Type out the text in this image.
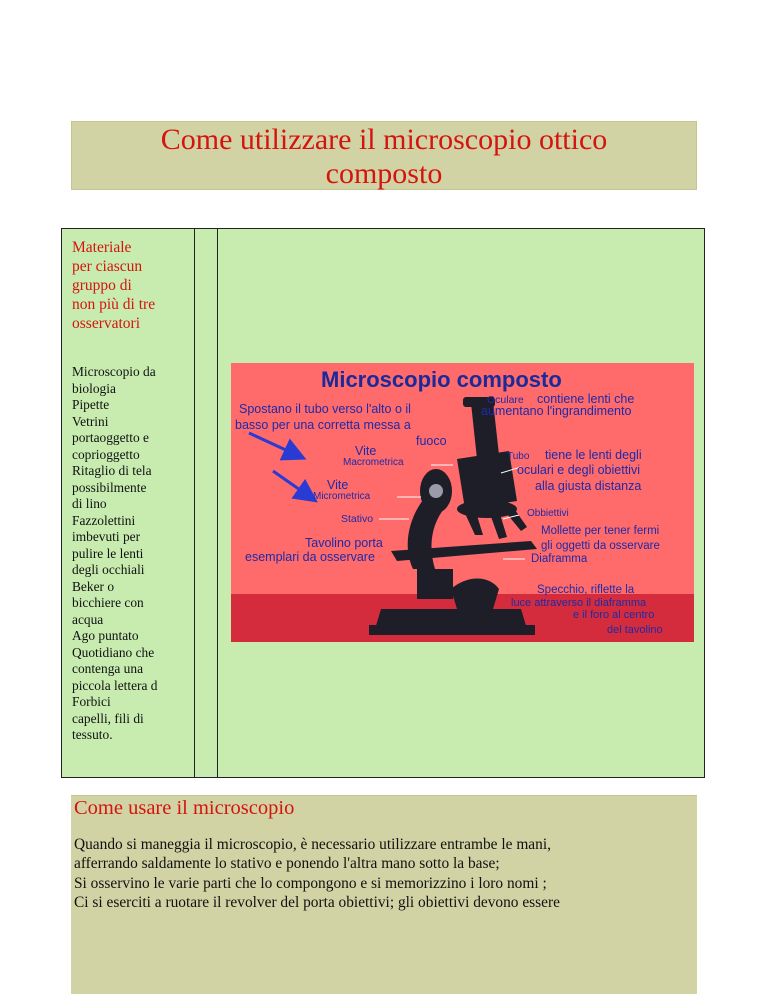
Come utilizzare il microscopio ottico
composto
Materiale
per ciascun
gruppo di
non più di tre
osservatori
Microscopio da
biologia
Pipette
Vetrini
portaoggetto e
coprioggetto
Ritaglio di tela
possibilmente
di lino
Fazzolettini
imbevuti per
pulire le lenti
degli occhiali
Beker o
bicchiere con
acqua
Ago puntato
Quotidiano che
contenga una
piccola lettera d
Forbici
capelli, fili di
tessuto.
Microscopio composto
Spostano il tubo verso l'alto o il
basso per una corretta messa a
fuoco
Vite
Macrometrica
Vite
Micrometrica
Stativo
Tavolino porta
esemplari da osservare
Oculare contiene lenti che
aumentano l'ingrandimento
Tubo tiene le lenti degli
oculari e degli obiettivi
alla giusta distanza
Obbiettivi
Mollette per tener fermi
gli oggetti da osservare
Diaframma
Specchio, riflette la
luce attraverso il diaframma
e il foro al centro
del tavolino
Come usare il microscopio
Quando si maneggia il microscopio, è necessario utilizzare entrambe le mani,
afferrando saldamente lo stativo e ponendo l'altra mano sotto la base;
Si osservino le varie parti che lo compongono e si memorizzino i loro nomi ;
Ci si eserciti a ruotare il revolver del porta obiettivi; gli obiettivi devono essere
